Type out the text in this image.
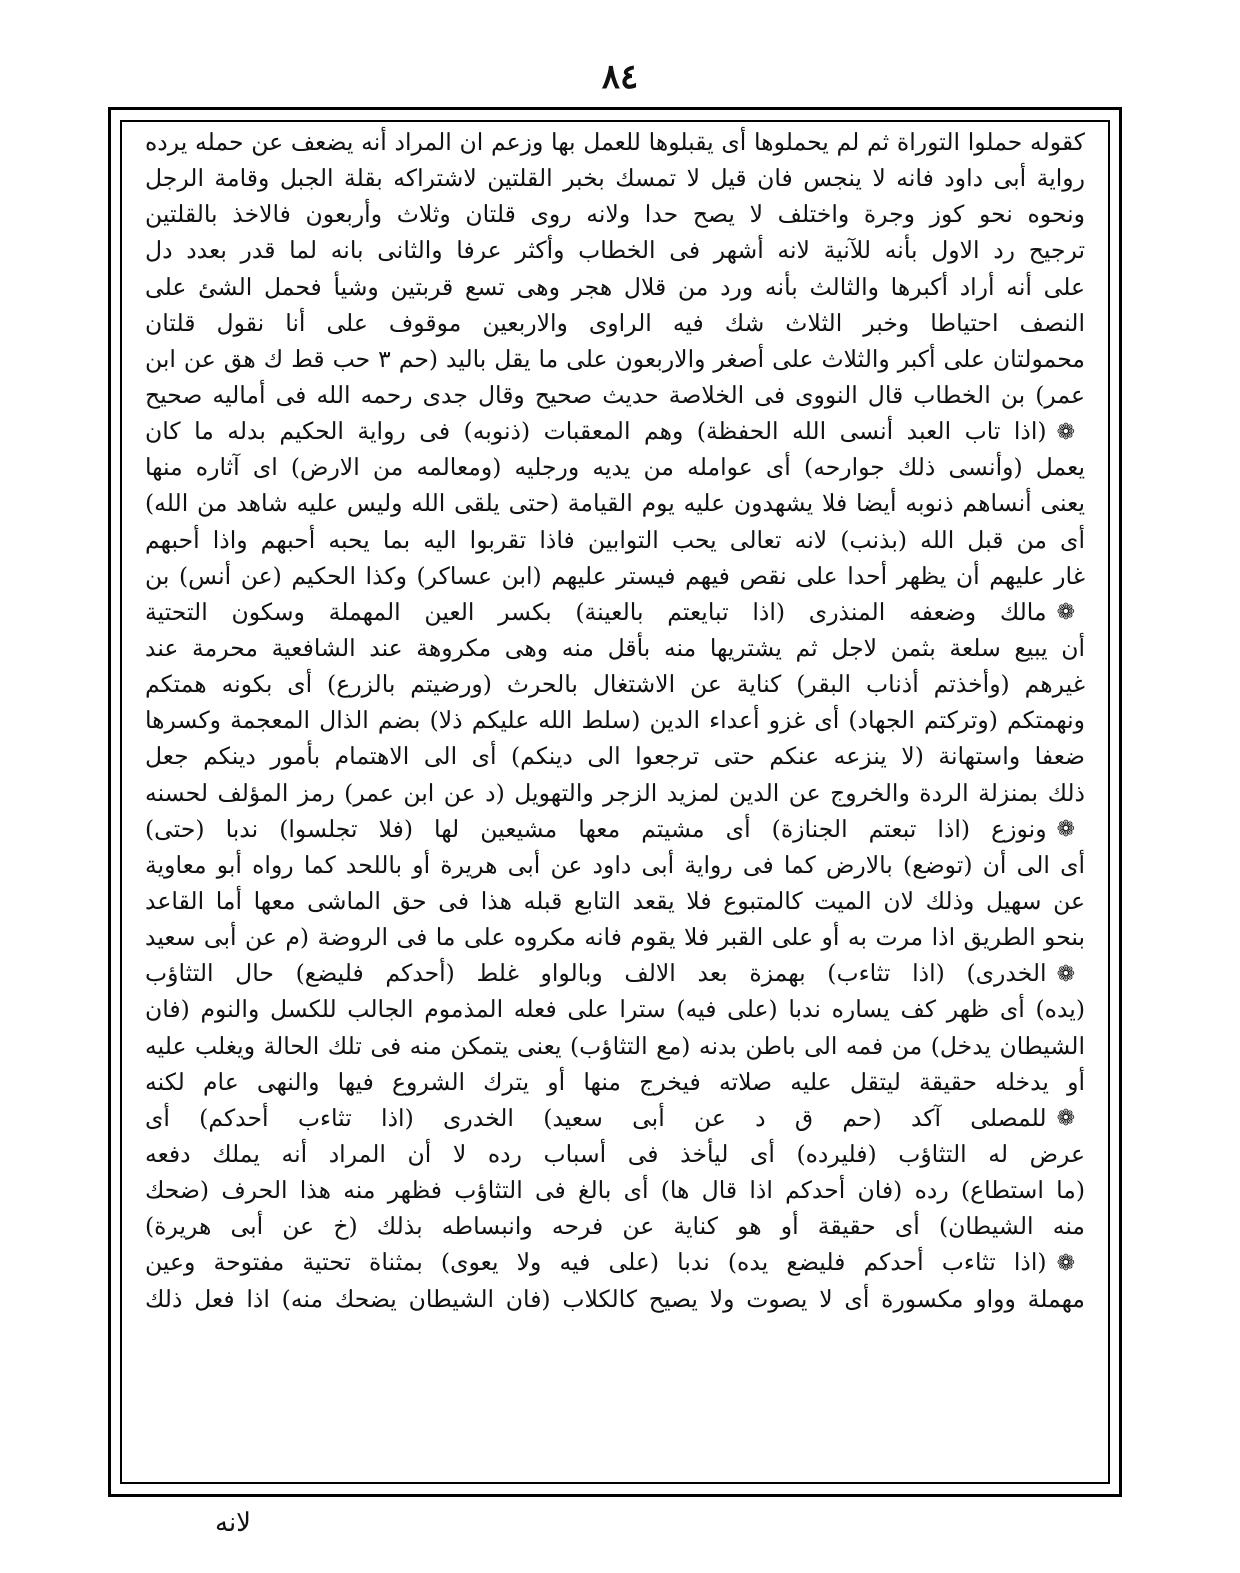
٨٤
كقوله حملوا التوراة ثم لم يحملوها أى يقبلوها للعمل بها وزعم ان المراد أنه يضعف عن حمله يرده
رواية أبى داود فانه لا ينجس فان قيل لا تمسك بخبر القلتين لاشتراكه بقلة الجبل وقامة الرجل
ونحوه نحو كوز وجرة واختلف لا يصح حدا ولانه روى قلتان وثلاث وأربعون فالاخذ بالقلتين
ترجيح رد الاول بأنه للآنية لانه أشهر فى الخطاب وأكثر عرفا والثانى بانه لما قدر بعدد دل
على أنه أراد أكبرها والثالث بأنه ورد من قلال هجر وهى تسع قربتين وشيأ فحمل الشئ على
النصف احتياطا وخبر الثلاث شك فيه الراوى والاربعين موقوف على أنا نقول قلتان
محمولتان على أكبر والثلاث على أصغر والاربعون على ما يقل باليد (حم ٣ حب قط ك هق عن ابن
عمر) بن الخطاب قال النووى فى الخلاصة حديث صحيح وقال جدى رحمه الله فى أماليه صحيح
❁(اذا تاب العبد أنسى الله الحفظة) وهم المعقبات (ذنوبه) فى رواية الحكيم بدله ما كان
يعمل (وأنسى ذلك جوارحه) أى عوامله من يديه ورجليه (ومعالمه من الارض) اى آثاره منها
يعنى أنساهم ذنوبه أيضا فلا يشهدون عليه يوم القيامة (حتى يلقى الله وليس عليه شاهد من الله)
أى من قبل الله (بذنب) لانه تعالى يحب التوابين فاذا تقربوا اليه بما يحبه أحبهم واذا أحبهم
غار عليهم أن يظهر أحدا على نقص فيهم فيستر عليهم (ابن عساكر) وكذا الحكيم (عن أنس) بن
❁مالك وضعفه المنذرى (اذا تبايعتم بالعينة) بكسر العين المهملة وسكون التحتية
أن يبيع سلعة بثمن لاجل ثم يشتريها منه بأقل منه وهى مكروهة عند الشافعية محرمة عند
غيرهم (وأخذتم أذناب البقر) كناية عن الاشتغال بالحرث (ورضيتم بالزرع) أى بكونه همتكم
ونهمتكم (وتركتم الجهاد) أى غزو أعداء الدين (سلط الله عليكم ذلا) بضم الذال المعجمة وكسرها
ضعفا واستهانة (لا ينزعه عنكم حتى ترجعوا الى دينكم) أى الى الاهتمام بأمور دينكم جعل
ذلك بمنزلة الردة والخروج عن الدين لمزيد الزجر والتهويل (د عن ابن عمر) رمز المؤلف لحسنه
❁ونوزع (اذا تبعتم الجنازة) أى مشيتم معها مشيعين لها (فلا تجلسوا) ندبا (حتى)
أى الى أن (توضع) بالارض كما فى رواية أبى داود عن أبى هريرة أو باللحد كما رواه أبو معاوية
عن سهيل وذلك لان الميت كالمتبوع فلا يقعد التابع قبله هذا فى حق الماشى معها أما القاعد
بنحو الطريق اذا مرت به أو على القبر فلا يقوم فانه مكروه على ما فى الروضة (م عن أبى سعيد
❁الخدرى) (اذا تثاءب) بهمزة بعد الالف وبالواو غلط (أحدكم فليضع) حال التثاؤب
(يده) أى ظهر كف يساره ندبا (على فيه) سترا على فعله المذموم الجالب للكسل والنوم (فان
الشيطان يدخل) من فمه الى باطن بدنه (مع التثاؤب) يعنى يتمكن منه فى تلك الحالة ويغلب عليه
أو يدخله حقيقة ليتقل عليه صلاته فيخرج منها أو يترك الشروع فيها والنهى عام لكنه
❁للمصلى آكد (حم ق د عن أبى سعيد) الخدرى (اذا تثاءب أحدكم) أى
عرض له التثاؤب (فليرده) أى ليأخذ فى أسباب رده لا أن المراد أنه يملك دفعه
(ما استطاع) رده (فان أحدكم اذا قال ها) أى بالغ فى التثاؤب فظهر منه هذا الحرف (ضحك
منه الشيطان) أى حقيقة أو هو كناية عن فرحه وانبساطه بذلك (خ عن أبى هريرة)
❁(اذا تثاءب أحدكم فليضع يده) ندبا (على فيه ولا يعوى) بمثناة تحتية مفتوحة وعين
مهملة وواو مكسورة أى لا يصوت ولا يصيح كالكلاب (فان الشيطان يضحك منه) اذا فعل ذلك
لانه
